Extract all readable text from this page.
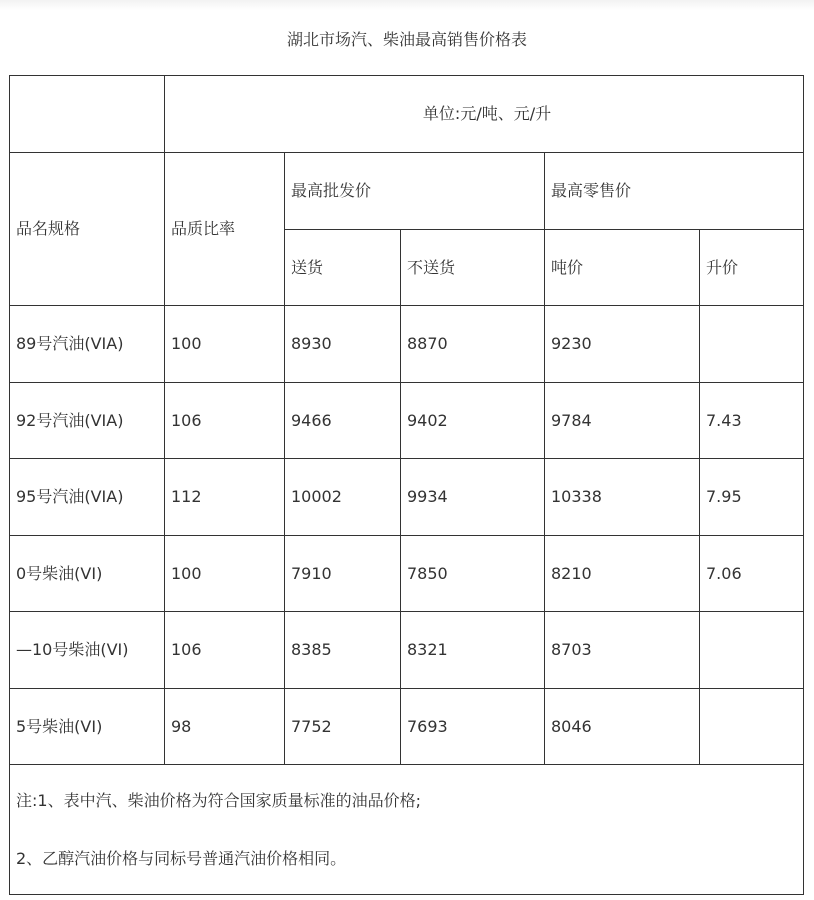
湖北市场汽、柴油最高销售价格表
	单位:元/吨、元/升				
品名规格	品质比率	最高批发价		最高零售价	
		送货	不送货	吨价	升价
89号汽油(VIA)	100	8930	8870	9230	
92号汽油(VIA)	106	9466	9402	9784	7.43
95号汽油(VIA)	112	10002	9934	10338	7.95
0号柴油(VI)	100	7910	7850	8210	7.06
—10号柴油(VI)	106	8385	8321	8703	
5号柴油(VI)	98	7752	7693	8046	

注:1、表中汽、柴油价格为符合国家质量标准的油品价格;
2、乙醇汽油价格与同标号普通汽油价格相同。					
